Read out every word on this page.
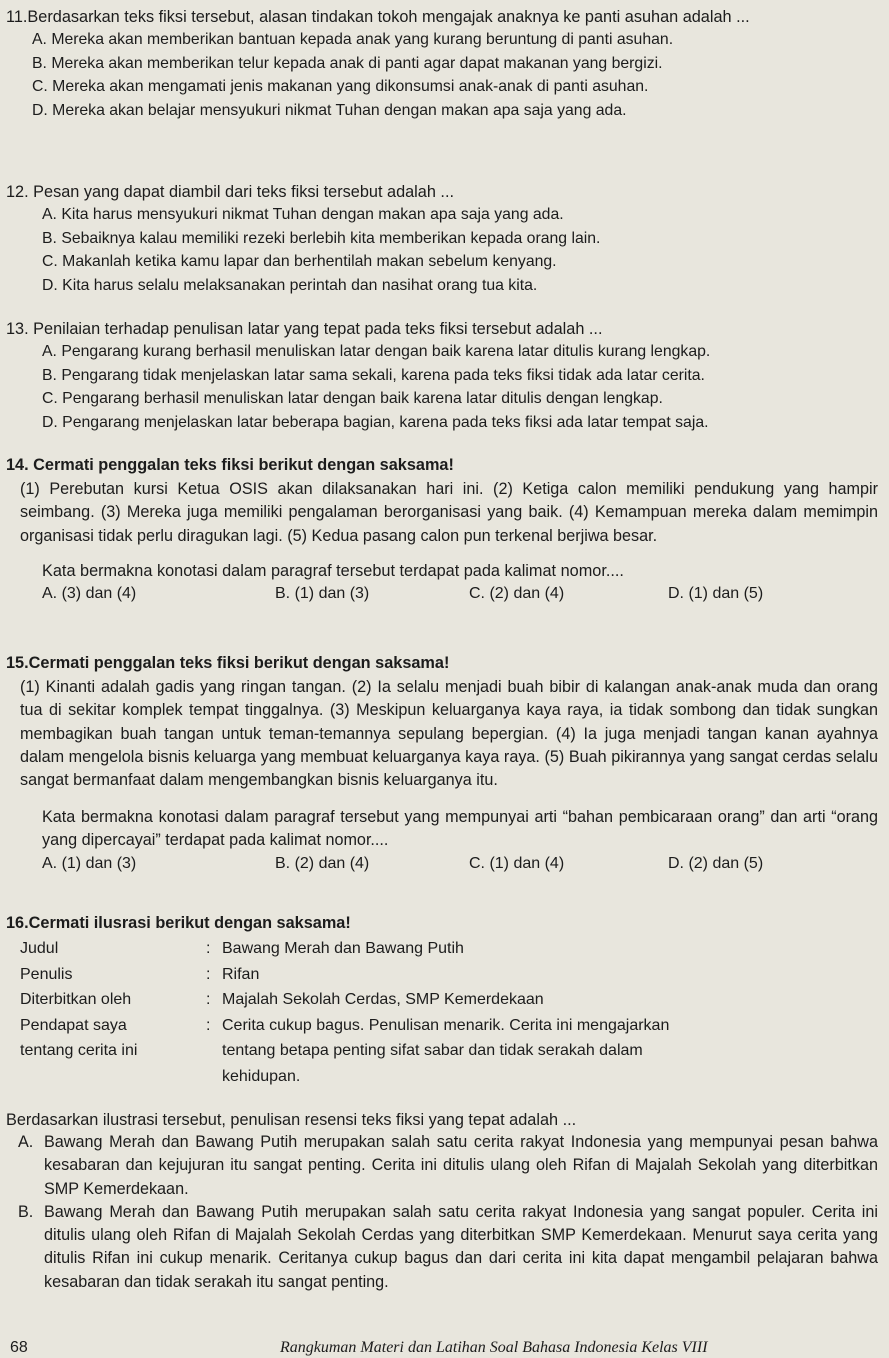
11.Berdasarkan teks fiksi tersebut, alasan tindakan tokoh mengajak anaknya ke panti asuhan adalah ...
A. Mereka akan memberikan bantuan kepada anak yang kurang beruntung di panti asuhan.
B. Mereka akan memberikan telur kepada anak di panti agar dapat makanan yang bergizi.
C. Mereka akan mengamati jenis makanan yang dikonsumsi anak-anak di panti asuhan.
D. Mereka akan belajar mensyukuri nikmat Tuhan dengan makan apa saja yang ada.
12. Pesan yang dapat diambil dari teks fiksi tersebut adalah ...
A. Kita harus mensyukuri nikmat Tuhan dengan makan apa saja yang ada.
B. Sebaiknya kalau memiliki rezeki berlebih kita memberikan kepada orang lain.
C. Makanlah ketika kamu lapar dan berhentilah makan sebelum kenyang.
D. Kita harus selalu melaksanakan perintah dan nasihat orang tua kita.
13. Penilaian terhadap penulisan latar yang tepat pada teks fiksi tersebut adalah ...
A. Pengarang kurang berhasil menuliskan latar dengan baik karena latar ditulis kurang lengkap.
B. Pengarang tidak menjelaskan latar sama sekali, karena pada teks fiksi tidak ada latar cerita.
C. Pengarang berhasil menuliskan latar dengan baik karena latar ditulis dengan lengkap.
D. Pengarang menjelaskan latar beberapa bagian, karena pada teks fiksi ada latar tempat saja.
14. Cermati penggalan teks fiksi berikut dengan saksama!
(1) Perebutan kursi Ketua OSIS akan dilaksanakan hari ini. (2) Ketiga calon memiliki pendukung yang hampir seimbang. (3) Mereka juga memiliki pengalaman berorganisasi yang baik. (4) Kemampuan mereka dalam memimpin organisasi tidak perlu diragukan lagi. (5) Kedua pasang calon pun terkenal berjiwa besar.
Kata bermakna konotasi dalam paragraf tersebut terdapat pada kalimat nomor....
A. (3) dan (4)	B. (1) dan (3)	C. (2) dan (4)	D. (1) dan (5)
15.Cermati penggalan teks fiksi berikut dengan saksama!
(1) Kinanti adalah gadis yang ringan tangan. (2) Ia selalu menjadi buah bibir di kalangan anak-anak muda dan orang tua di sekitar komplek tempat tinggalnya. (3) Meskipun keluarganya kaya raya, ia tidak sombong dan tidak sungkan membagikan buah tangan untuk teman-temannya sepulang bepergian. (4) Ia juga menjadi tangan kanan ayahnya dalam mengelola bisnis keluarga yang membuat keluarganya kaya raya. (5) Buah pikirannya yang sangat cerdas selalu sangat bermanfaat dalam mengembangkan bisnis keluarganya itu.
Kata bermakna konotasi dalam paragraf tersebut yang mempunyai arti “bahan pembicaraan orang” dan arti “orang yang dipercayai” terdapat pada kalimat nomor....
A. (1) dan (3)	B. (2) dan (4)	C. (1) dan (4)	D. (2) dan (5)
16.Cermati ilusrasi berikut dengan saksama!
Judul	: Bawang Merah dan Bawang Putih
Penulis	: Rifan
Diterbitkan oleh	: Majalah Sekolah Cerdas, SMP Kemerdekaan
Pendapat saya	: Cerita cukup bagus. Penulisan menarik. Cerita ini mengajarkan
tentang cerita ini	tentang betapa penting sifat sabar dan tidak serakah dalam
kehidupan.
Berdasarkan ilustrasi tersebut, penulisan resensi teks fiksi yang tepat adalah ...
A. Bawang Merah dan Bawang Putih merupakan salah satu cerita rakyat Indonesia yang mempunyai pesan bahwa kesabaran dan kejujuran itu sangat penting. Cerita ini ditulis ulang oleh Rifan di Majalah Sekolah yang diterbitkan SMP Kemerdekaan.
B. Bawang Merah dan Bawang Putih merupakan salah satu cerita rakyat Indonesia yang sangat populer. Cerita ini ditulis ulang oleh Rifan di Majalah Sekolah Cerdas yang diterbitkan SMP Kemerdekaan. Menurut saya cerita yang ditulis Rifan ini cukup menarik. Ceritanya cukup bagus dan dari cerita ini kita dapat mengambil pelajaran bahwa kesabaran dan tidak serakah itu sangat penting.
68	Rangkuman Materi dan Latihan Soal Bahasa Indonesia Kelas VIII
